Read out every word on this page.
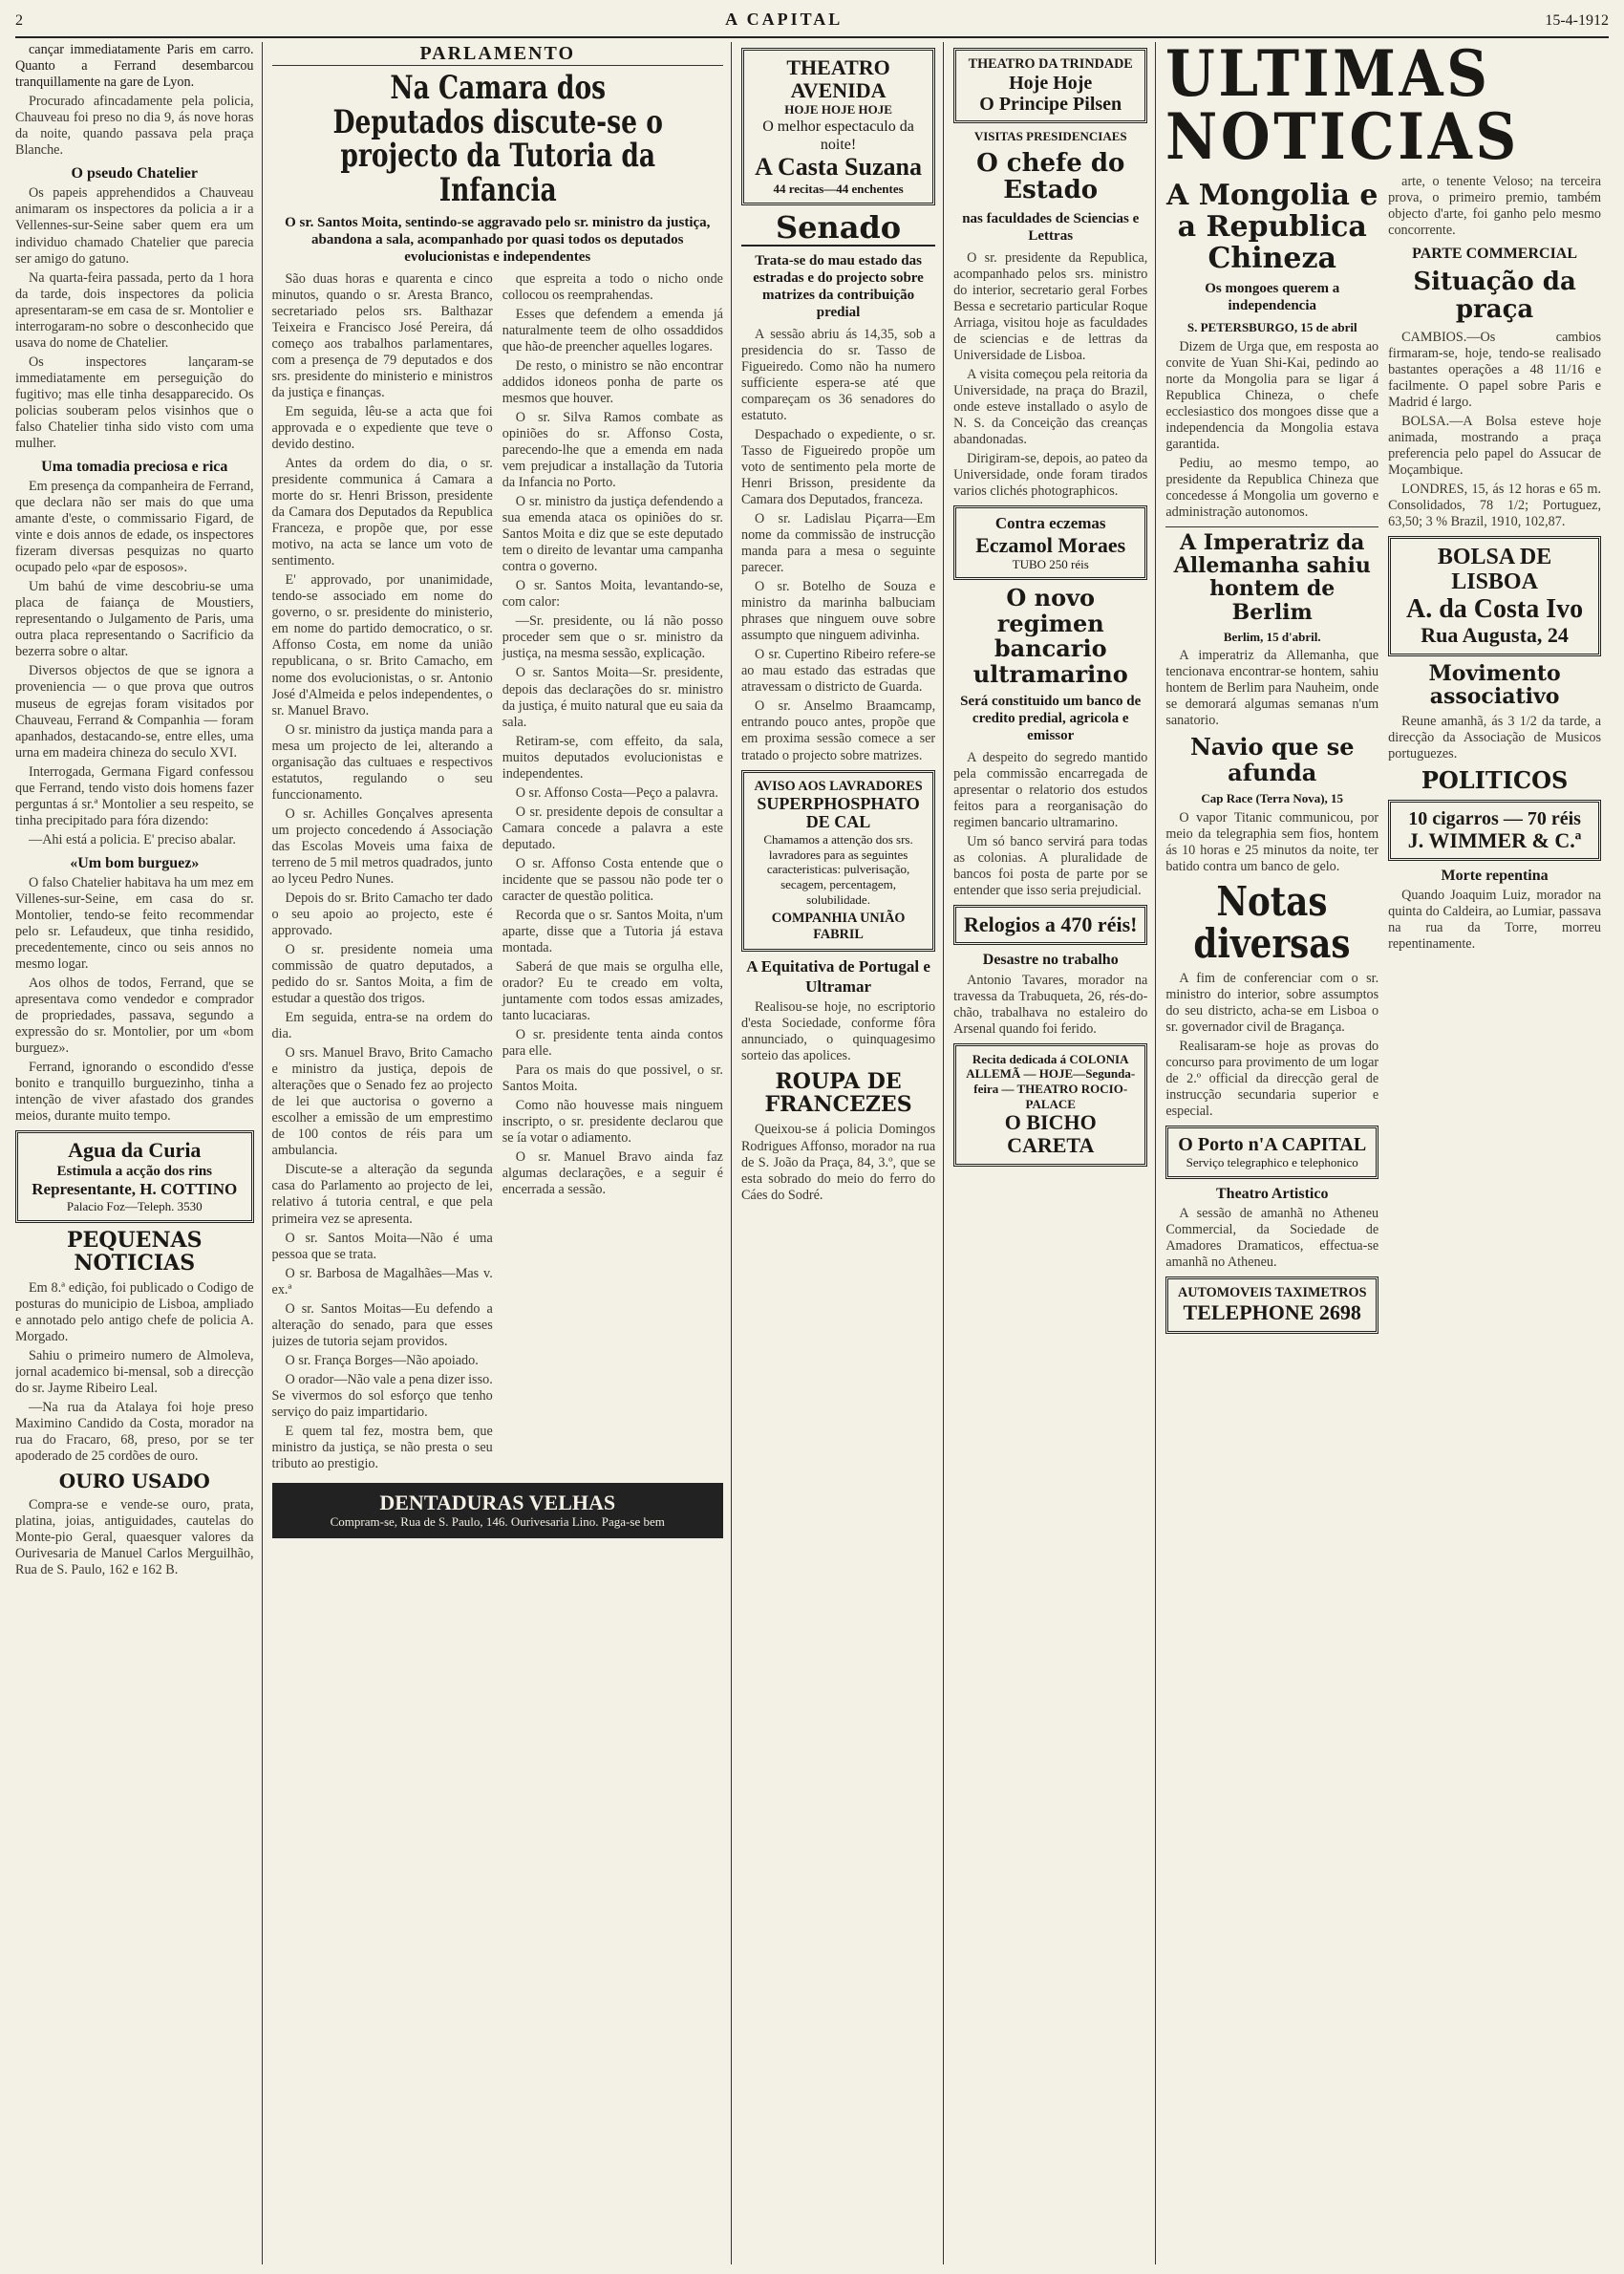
2	A CAPITAL	15-4-1912

cançar immediatamente Paris em carro. Quanto a Ferrand desembarcou tranquillamente na gare de Lyon.

Procurado afincadamente pela policia, Chauveau foi preso no dia 9, ás nove horas da noite, quando passava pela praça Blanche.

O pseudo Chatelier

Os papeis apprehendidos a Chauveau animaram os inspectores da policia a ir a Vellennes-sur-Seine saber quem era um individuo chamado Chatelier que parecia ser amigo do gatuno.

Na quarta-feira passada, perto da 1 hora da tarde, dois inspectores da policia apresentaram-se em casa de sr. Montolier e interrogaram-no sobre o desconhecido que usava do nome de Chatelier.

Os inspectores lançaram-se immediatamente em perseguição do fugitivo; mas elle tinha desapparecido. Os policias souberam pelos visinhos que o falso Chatelier tinha sido visto com uma mulher.

Uma tomadia preciosa e rica

Em presença da companheira de Ferrand, que declara não ser mais do que uma amante d'este, o commissario Figard, de vinte e dois annos de edade, os inspectores fizeram diversas pesquizas no quarto ocupado pelo «par de esposos».

Um bahú de vime descobriu-se uma placa de faiança de Moustiers, representando o Julgamento de Paris, uma outra placa representando o Sacrificio da bezerra sobre o altar.

Diversos objectos de que se ignora a proveniencia — o que prova que outros museus de egrejas foram visitados por Chauveau, Ferrand & Companhia — foram apanhados, destacando-se, entre elles, uma urna em madeira chineza do seculo XVI.

Interrogada, Germana Figard confessou que Ferrand, tendo visto dois homens fazer perguntas á sr.ª Montolier a seu respeito, se tinha precipitado para fóra dizendo:

—Ahi está a policia. E' preciso abalar.

«Um bom burguez»

O falso Chatelier habitava ha um mez em Villenes-sur-Seine, em casa do sr. Montolier, tendo-se feito recommendar pelo sr. Lefaudeux, que tinha residido, precedentemente, cinco ou seis annos no mesmo logar.

Aos olhos de todos, Ferrand, que se apresentava como vendedor e comprador de propriedades, passava, segundo a expressão do sr. Montolier, por um «bom burguez».

Ferrand, ignorando o escondido d'esse bonito e tranquillo burguezinho, tinha a intenção de viver afastado dos grandes meios, durante muito tempo.

Agua da Curia
Estimula a acção dos rins
Representante, H. COTTINO
Palacio Foz—Teleph. 3530
PEQUENAS NOTICIAS

Em 8.ª edição, foi publicado o Codigo de posturas do municipio de Lisboa, ampliado e annotado pelo antigo chefe de policia A. Morgado.

Sahiu o primeiro numero de Almoleva, jornal academico bi-mensal, sob a direcção do sr. Jayme Ribeiro Leal.

—Na rua da Atalaya foi hoje preso Maximino Candido da Costa, morador na rua do Fracaro, 68, preso, por se ter apoderado de 25 cordões de ouro.

OURO USADO

Compra-se e vende-se ouro, prata, platina, joias, antiguidades, cautelas do Monte-pio Geral, quaesquer valores da Ourivesaria de Manuel Carlos Merguilhão, Rua de S. Paulo, 162 e 162 B.

PARLAMENTO
Na Camara dos Deputados discute-se o projecto da Tutoria da Infancia
O sr. Santos Moita, sentindo-se aggravado pelo sr. ministro da justiça, abandona a sala, acompanhado por quasi todos os deputados evolucionistas e independentes

São duas horas e quarenta e cinco minutos, quando o sr. Aresta Branco, secretariado pelos srs. Balthazar Teixeira e Francisco José Pereira, dá começo aos trabalhos parlamentares, com a presença de 79 deputados e dos srs. presidente do ministerio e ministros da justiça e finanças.

Em seguida, lêu-se a acta que foi approvada e o expediente que teve o devido destino.

Antes da ordem do dia, o sr. presidente communica á Camara a morte do sr. Henri Brisson, presidente da Camara dos Deputados da Republica Franceza, e propõe que, por esse motivo, na acta se lance um voto de sentimento.

E' approvado, por unanimidade, tendo-se associado em nome do governo, o sr. presidente do ministerio, em nome do partido democratico, o sr. Affonso Costa, em nome da união republicana, o sr. Brito Camacho, em nome dos evolucionistas, o sr. Antonio José d'Almeida e pelos independentes, o sr. Manuel Bravo.

O sr. ministro da justiça manda para a mesa um projecto de lei, alterando a organisação das cultuaes e respectivos estatutos, regulando o seu funccionamento.

O sr. Achilles Gonçalves apresenta um projecto concedendo á Associação das Escolas Moveis uma faixa de terreno de 5 mil metros quadrados, junto ao lyceu Pedro Nunes.

Depois do sr. Brito Camacho ter dado o seu apoio ao projecto, este é approvado.

O sr. presidente nomeia uma commissão de quatro deputados, a pedido do sr. Santos Moita, a fim de estudar a questão dos trigos.

Em seguida, entra-se na ordem do dia.

O srs. Manuel Bravo, Brito Camacho e ministro da justiça, depois de alterações que o Senado fez ao projecto de lei que auctorisa o governo a escolher a emissão de um emprestimo de 100 contos de réis para um ambulancia.

Discute-se a alteração da segunda casa do Parlamento ao projecto de lei, relativo á tutoria central, e que pela primeira vez se apresenta.

O sr. Santos Moita—Não é uma pessoa que se trata.

O sr. Barbosa de Magalhães—Mas v. ex.ª

O sr. Santos Moitas—Eu defendo a alteração do senado, para que esses juizes de tutoria sejam providos.

O sr. França Borges—Não apoiado.

O orador—Não vale a pena dizer isso. Se vivermos do sol esforço que tenho serviço do paiz impartidario.

E quem tal fez, mostra bem, que ministro da justiça, se não presta o seu tributo ao prestigio.

que espreita a todo o nicho onde collocou os reemprahendas.

Esses que defendem a emenda já naturalmente teem de olho ossaddidos que hão-de preencher aquelles logares.

De resto, o ministro se não encontrar addidos idoneos ponha de parte os mesmos que houver.

O sr. Silva Ramos combate as opiniões do sr. Affonso Costa, parecendo-lhe que a emenda em nada vem prejudicar a installação da Tutoria da Infancia no Porto.

O sr. ministro da justiça defendendo a sua emenda ataca os opiniões do sr. Santos Moita e diz que se este deputado tem o direito de levantar uma campanha contra o governo.

O sr. Santos Moita, levantando-se, com calor:

—Sr. presidente, ou lá não posso proceder sem que o sr. ministro da justiça, na mesma sessão, explicação.

O sr. Santos Moita—Sr. presidente, depois das declarações do sr. ministro da justiça, é muito natural que eu saia da sala.

Retiram-se, com effeito, da sala, muitos deputados evolucionistas e independentes.

O sr. Affonso Costa—Peço a palavra.

O sr. presidente depois de consultar a Camara concede a palavra a este deputado.

O sr. Affonso Costa entende que o incidente que se passou não pode ter o caracter de questão politica.

Recorda que o sr. Santos Moita, n'um aparte, disse que a Tutoria já estava montada.

Saberá de que mais se orgulha elle, orador? Eu te creado em volta, juntamente com todos essas amizades, tanto lucaciaras.

O sr. presidente tenta ainda contos para elle.

Para os mais do que possivel, o sr. Santos Moita.

Como não houvesse mais ninguem inscripto, o sr. presidente declarou que se ía votar o adiamento.

O sr. Manuel Bravo ainda faz algumas declarações, e a seguir é encerrada a sessão.

DENTADURAS VELHAS
Compram-se, Rua de S. Paulo, 146. Ourivesaria Lino. Paga-se bem
THEATRO AVENIDA
HOJE HOJE HOJE
O melhor espectaculo da noite!
A Casta Suzana
44 recitas—44 enchentes
Senado
Trata-se do mau estado das estradas e do projecto sobre matrizes da contribuição predial

A sessão abriu ás 14,35, sob a presidencia do sr. Tasso de Figueiredo. Como não ha numero sufficiente espera-se até que compareçam os 36 senadores do estatuto.

Despachado o expediente, o sr. Tasso de Figueiredo propõe um voto de sentimento pela morte de Henri Brisson, presidente da Camara dos Deputados, franceza.

O sr. Ladislau Piçarra—Em nome da commissão de instrucção manda para a mesa o seguinte parecer.

O sr. Botelho de Souza e ministro da marinha balbuciam phrases que ninguem ouve sobre assumpto que ninguem adivinha.

O sr. Cupertino Ribeiro refere-se ao mau estado das estradas que atravessam o districto de Guarda.

O sr. Anselmo Braamcamp, entrando pouco antes, propõe que em proxima sessão comece a ser tratado o projecto sobre matrizes.

AVISO AOS LAVRADORES
SUPERPHOSPHATO DE CAL
Chamamos a attenção dos srs. lavradores para as seguintes caracteristicas: pulverisação, secagem, percentagem, solubilidade.
COMPANHIA UNIÃO FABRIL
A Equitativa de Portugal e Ultramar

Realisou-se hoje, no escriptorio d'esta Sociedade, conforme fôra annunciado, o quinquagesimo sorteio das apolices.

ROUPA DE FRANCEZES

Queixou-se á policia Domingos Rodrigues Affonso, morador na rua de S. João da Praça, 84, 3.º, que se esta sobrado do meio do ferro do Cáes do Sodré.

THEATRO DA TRINDADE
Hoje Hoje
O Principe Pilsen
VISITAS PRESIDENCIAES
O chefe do Estado
nas faculdades de Sciencias e Lettras

O sr. presidente da Republica, acompanhado pelos srs. ministro do interior, secretario geral Forbes Bessa e secretario particular Roque Arriaga, visitou hoje as faculdades de sciencias e de lettras da Universidade de Lisboa.

A visita começou pela reitoria da Universidade, na praça do Brazil, onde esteve installado o asylo de N. S. da Conceição das creanças abandonadas.

Dirigiram-se, depois, ao pateo da Universidade, onde foram tirados varios clichés photographicos.

Contra eczemas
Eczamol Moraes
TUBO 250 réis
O novo regimen bancario ultramarino
Será constituido um banco de credito predial, agricola e emissor

A despeito do segredo mantido pela commissão encarregada de apresentar o relatorio dos estudos feitos para a reorganisação do regimen bancario ultramarino.

Um só banco servirá para todas as colonias. A pluralidade de bancos foi posta de parte por se entender que isso seria prejudicial.

Relogios a 470 réis!
Desastre no trabalho

Antonio Tavares, morador na travessa da Trabuqueta, 26, rés-do-chão, trabalhava no estaleiro do Arsenal quando foi ferido.

Recita dedicada á COLONIA ALLEMÃ — HOJE—Segunda-feira — THEATRO ROCIO-PALACE
O BICHO CARETA
ULTIMAS NOTICIAS
A Mongolia e a Republica Chineza
Os mongoes querem a independencia
S. PETERSBURGO, 15 de abril

Dizem de Urga que, em resposta ao convite de Yuan Shi-Kai, pedindo ao norte da Mongolia para se ligar á Republica Chineza, o chefe ecclesiastico dos mongoes disse que a independencia da Mongolia estava garantida.

Pediu, ao mesmo tempo, ao presidente da Republica Chineza que concedesse á Mongolia um governo e administração autonomos.

A Imperatriz da Allemanha sahiu hontem de Berlim
Berlim, 15 d'abril.

A imperatriz da Allemanha, que tencionava encontrar-se hontem, sahiu hontem de Berlim para Nauheim, onde se demorará algumas semanas n'um sanatorio.

Navio que se afunda
Cap Race (Terra Nova), 15

O vapor Titanic communicou, por meio da telegraphia sem fios, hontem ás 10 horas e 25 minutos da noite, ter batido contra um banco de gelo.

Notas diversas

A fim de conferenciar com o sr. ministro do interior, sobre assumptos do seu districto, acha-se em Lisboa o sr. governador civil de Bragança.

Realisaram-se hoje as provas do concurso para provimento de um logar de 2.º official da direcção geral de instrucção secundaria superior e especial.

O Porto n'A CAPITAL
Serviço telegraphico e telephonico
Theatro Artistico

A sessão de amanhã no Atheneu Commercial, da Sociedade de Amadores Dramaticos, effectua-se amanhã no Atheneu.

AUTOMOVEIS TAXIMETROS
TELEPHONE 2698

arte, o tenente Veloso; na terceira prova, o primeiro premio, também objecto d'arte, foi ganho pelo mesmo concorrente.

PARTE COMMERCIAL
Situação da praça

CAMBIOS.—Os cambios firmaram-se, hoje, tendo-se realisado bastantes operações a 48 11/16 e facilmente. O papel sobre Paris e Madrid é largo.

BOLSA.—A Bolsa esteve hoje animada, mostrando a praça preferencia pelo papel do Assucar de Moçambique.

LONDRES, 15, ás 12 horas e 65 m. Consolidados, 78 1/2; Portuguez, 63,50; 3 % Brazil, 1910, 102,87.

BOLSA DE LISBOA
A. da Costa Ivo
Rua Augusta, 24
Movimento associativo

Reune amanhã, ás 3 1/2 da tarde, a direcção da Associação de Musicos portuguezes.

POLITICOS
10 cigarros — 70 réis
J. WIMMER & C.ª
Morte repentina

Quando Joaquim Luiz, morador na quinta do Caldeira, ao Lumiar, passava na rua da Torre, morreu repentinamente.
